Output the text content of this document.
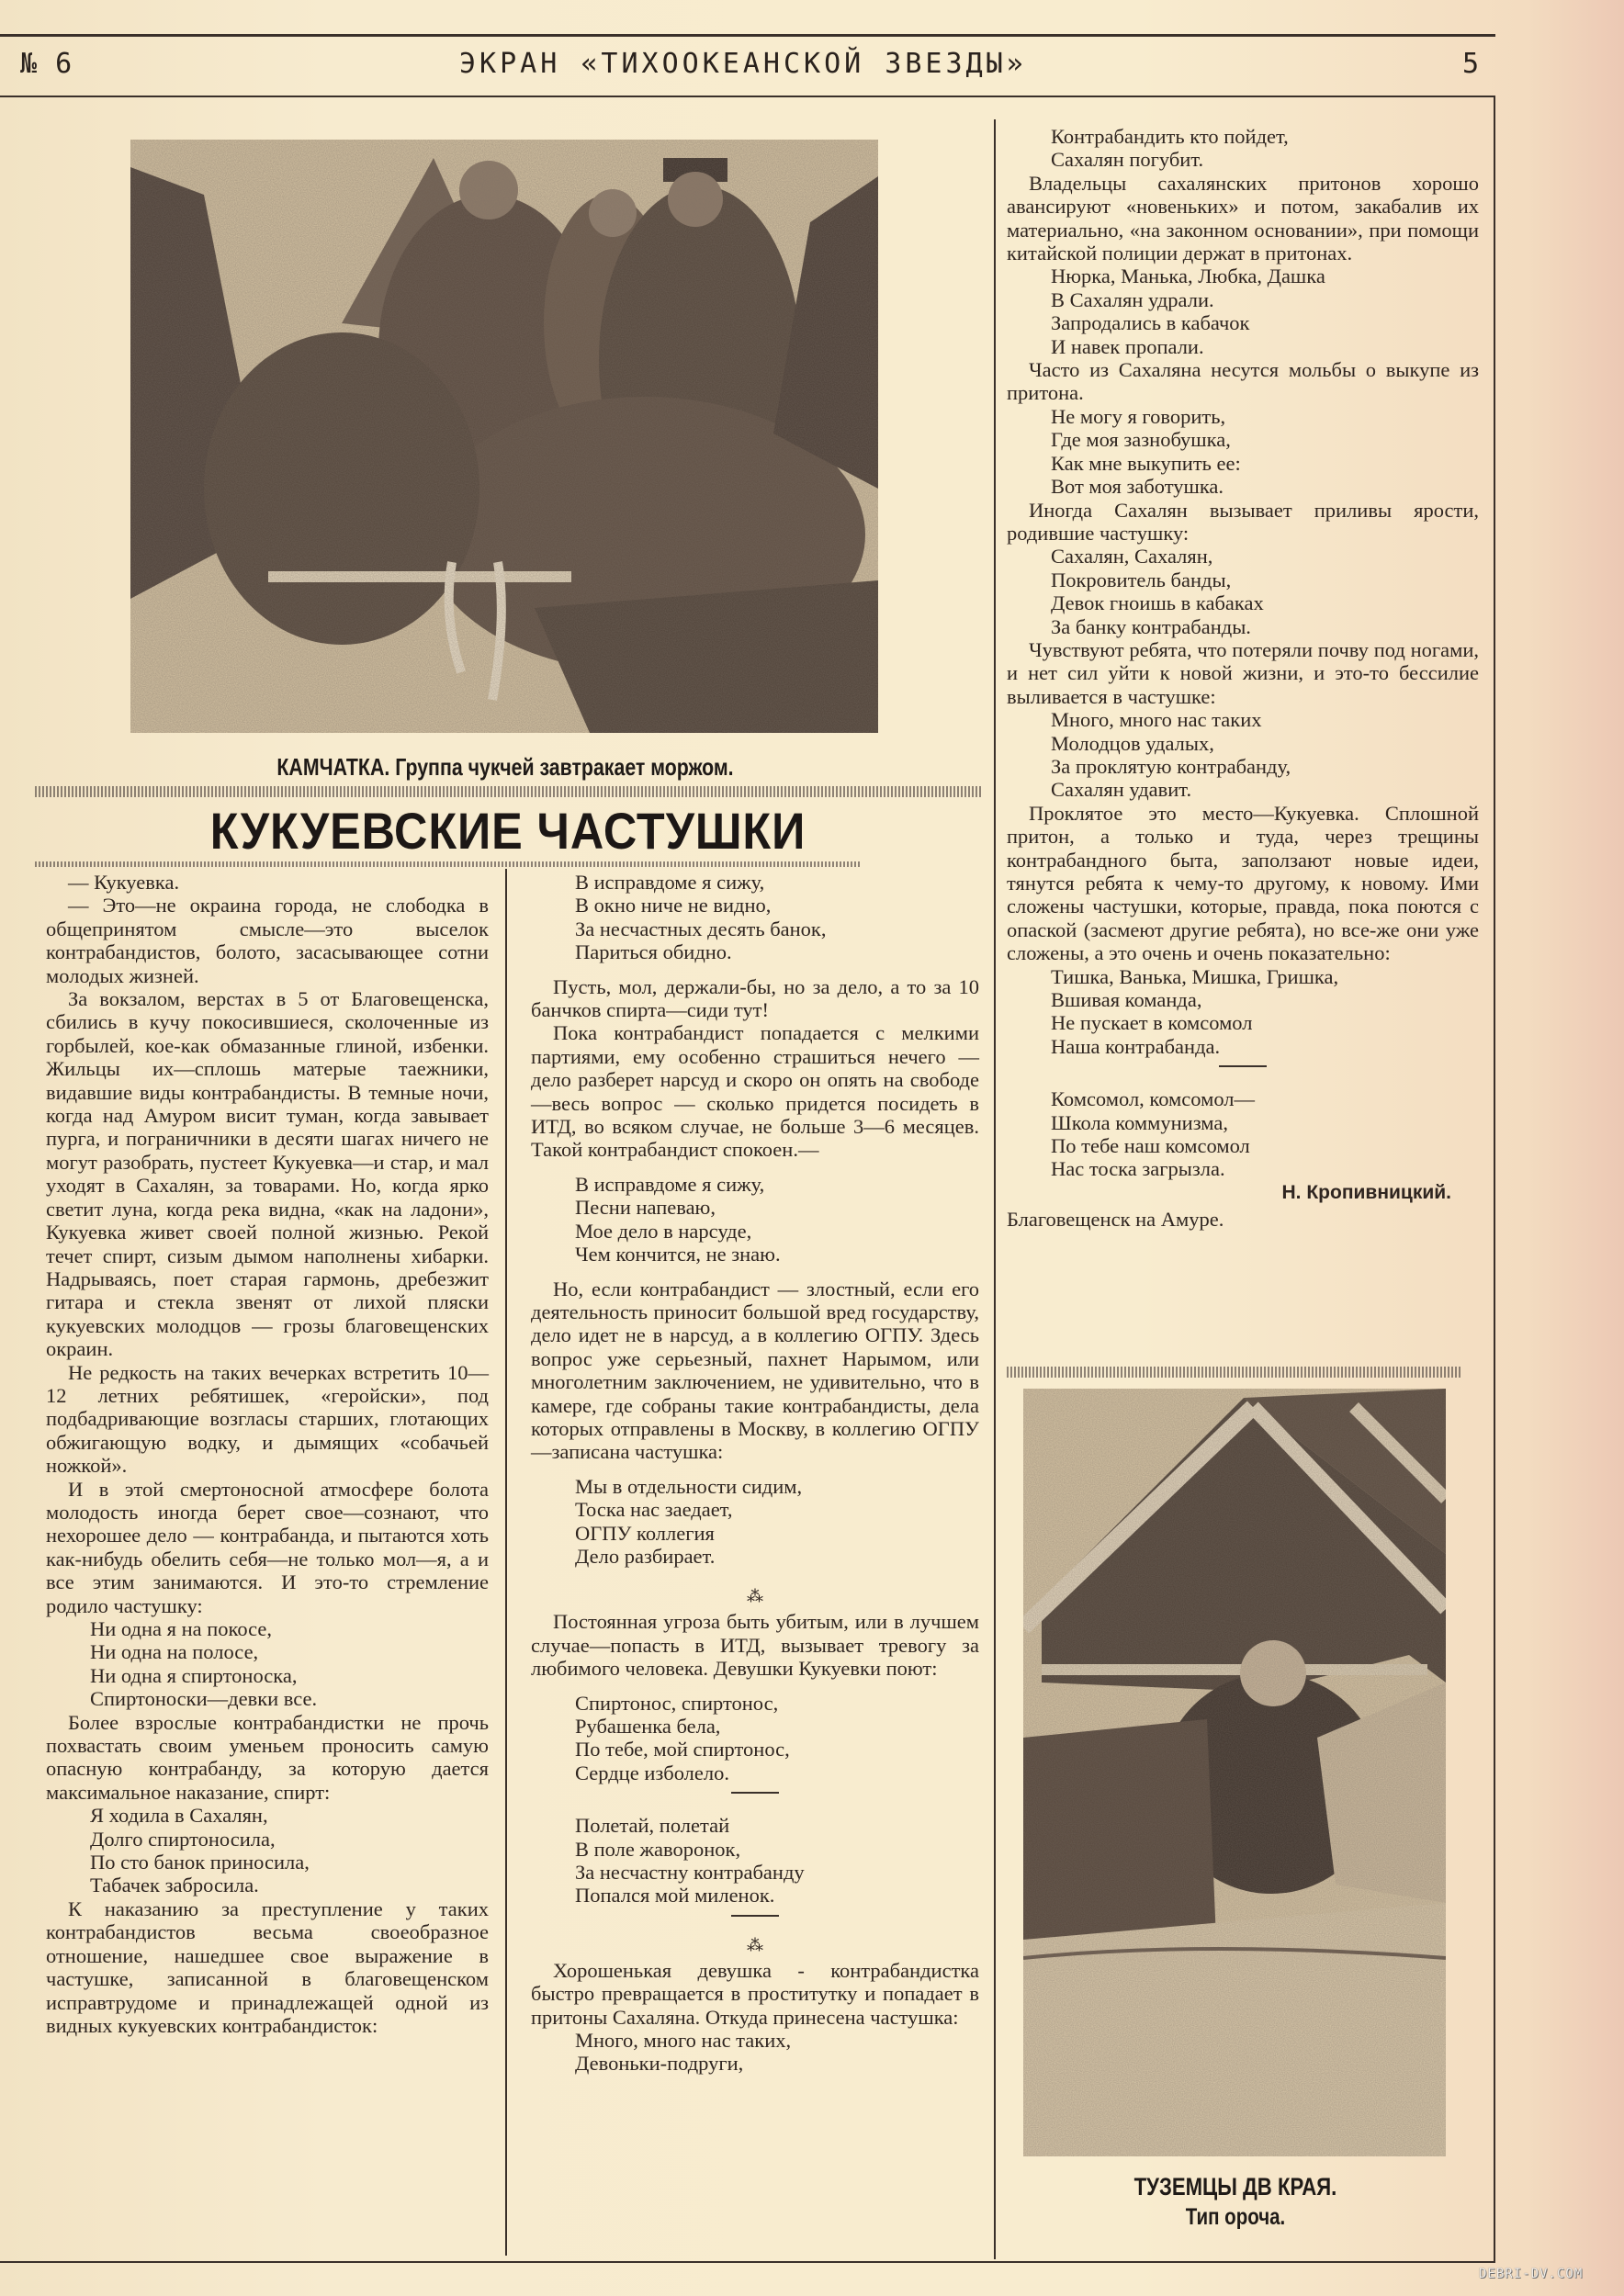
№ 6	ЭКРАН «ТИХООКЕАНСКОЙ ЗВЕЗДЫ»	5
КАМЧАТКА. Группа чукчей завтракает моржом.
КУКУЕВСКИЕ ЧАСТУШКИ

— Кукуевка.

— Это—не окраина города, не слободка в общепринятом смысле—это выселок контрабандистов, болото, засасывающее сотни молодых жизней.

За вокзалом, верстах в 5 от Благовещенска, сбились в кучу покосившиеся, сколоченные из горбылей, кое-как обмазанные глиной, избенки. Жильцы их—сплошь матерые таежники, видавшие виды контрабандисты. В темные ночи, когда над Амуром висит туман, когда завывает пурга, и пограничники в десяти шагах ничего не могут разобрать, пустеет Кукуевка—и стар, и мал уходят в Сахалян, за товарами. Но, когда ярко светит луна, когда река видна, «как на ладони», Кукуевка живет своей полной жизнью. Рекой течет спирт, сизым дымом наполнены хибарки. Надрываясь, поет старая гармонь, дребезжит гитара и стекла звенят от лихой пляски кукуевских молодцов — грозы благовещенских окраин.

Не редкость на таких вечерках встретить 10—12 летних ребятишек, «геройски», под подбадривающие возгласы старших, глотающих обжигающую водку, и дымящих «собачьей ножкой».

И в этой смертоносной атмосфере болота молодость иногда берет свое—сознают, что нехорошее дело — контрабанда, и пытаются хоть как-нибудь обелить себя—не только мол—я, а и все этим занимаются. И это-то стремление родило частушку:

Ни одна я на покосе,
Ни одна на полосе,
Ни одна я спиртоноска,
Спиртоноски—девки все.

Более взрослые контрабандистки не прочь похвастать своим уменьем проносить самую опасную контрабанду, за которую дается максимальное наказание, спирт:

Я ходила в Сахалян,
Долго спиртоносила,
По сто банок приносила,
Табачек забросила.

К наказанию за преступление у таких контрабандистов весьма своеобразное отношение, нашедшее свое выражение в частушке, записанной в благовещенском исправтрудоме и принадлежащей одной из видных кукуевских контрабандисток:

В исправдоме я сижу,
В окно ниче не видно,
За несчастных десять банок,
Париться обидно.

Пусть, мол, держали-бы, но за дело, а то за 10 банчков спирта—сиди тут!

Пока контрабандист попадается с мелкими партиями, ему особенно страшиться нечего — дело разберет нарсуд и скоро он опять на свободе—весь вопрос — сколько придется посидеть в ИТД, во всяком случае, не больше 3—6 месяцев. Такой контрабандист спокоен.—

В исправдоме я сижу,
Песни напеваю,
Мое дело в нарсуде,
Чем кончится, не знаю.

Но, если контрабандист — злостный, если его деятельность приносит большой вред государству, дело идет не в нарсуд, а в коллегию ОГПУ. Здесь вопрос уже серьезный, пахнет Нарымом, или многолетним заключением, не удивительно, что в камере, где собраны такие контрабандисты, дела которых отправлены в Москву, в коллегию ОГПУ—записана частушка:

Мы в отдельности сидим,
Тоска нас заедает,
ОГПУ коллегия
Дело разбирает.
⁂

Постоянная угроза быть убитым, или в лучшем случае—попасть в ИТД, вызывает тревогу за любимого человека. Девушки Кукуевки поют:

Спиртонос, спиртонос,
Рубашенка бела,
По тебе, мой спиртонос,
Сердце изболело.
Полетай, полетай
В поле жаворонок,
За несчастну контрабанду
Попался мой миленок.
⁂

Хорошенькая девушка - контрабандистка быстро превращается в проститутку и попадает в притоны Сахаляна. Откуда принесена частушка:

Много, много нас таких,
Девоньки-подруги,
Контрабандить кто пойдет,
Сахалян погубит.

Владельцы сахалянских притонов хорошо авансируют «новеньких» и потом, закабалив их материально, «на законном основании», при помощи китайской полиции держат в притонах.

Нюрка, Манька, Любка, Дашка
В Сахалян удрали.
Запродались в кабачок
И навек пропали.

Часто из Сахаляна несутся мольбы о выкупе из притона.

Не могу я говорить,
Где моя зазнобушка,
Как мне выкупить ее:
Вот моя заботушка.

Иногда Сахалян вызывает приливы ярости, родившие частушку:

Сахалян, Сахалян,
Покровитель банды,
Девок гноишь в кабаках
За банку контрабанды.

Чувствуют ребята, что потеряли почву под ногами, и нет сил уйти к новой жизни, и это-то бессилие выливается в частушке:

Много, много нас таких
Молодцов удалых,
За проклятую контрабанду,
Сахалян удавит.

Проклятое это место—Кукуевка. Сплошной притон, а только и туда, через трещины контрабандного быта, заползают новые идеи, тянутся ребята к чему-то другому, к новому. Ими сложены частушки, которые, правда, пока поются с опаской (засмеют другие ребята), но все-же они уже сложены, а это очень и очень показательно:

Тишка, Ванька, Мишка, Гришка,
Вшивая команда,
Не пускает в комсомол
Наша контрабанда.
Комсомол, комсомол—
Школа коммунизма,
По тебе наш комсомол
Нас тоска загрызла.
Н. Кропивницкий.

Благовещенск на Амуре.

ТУЗЕМЦЫ ДВ КРАЯ.
Тип ороча.
DEBRI-DV.COM
